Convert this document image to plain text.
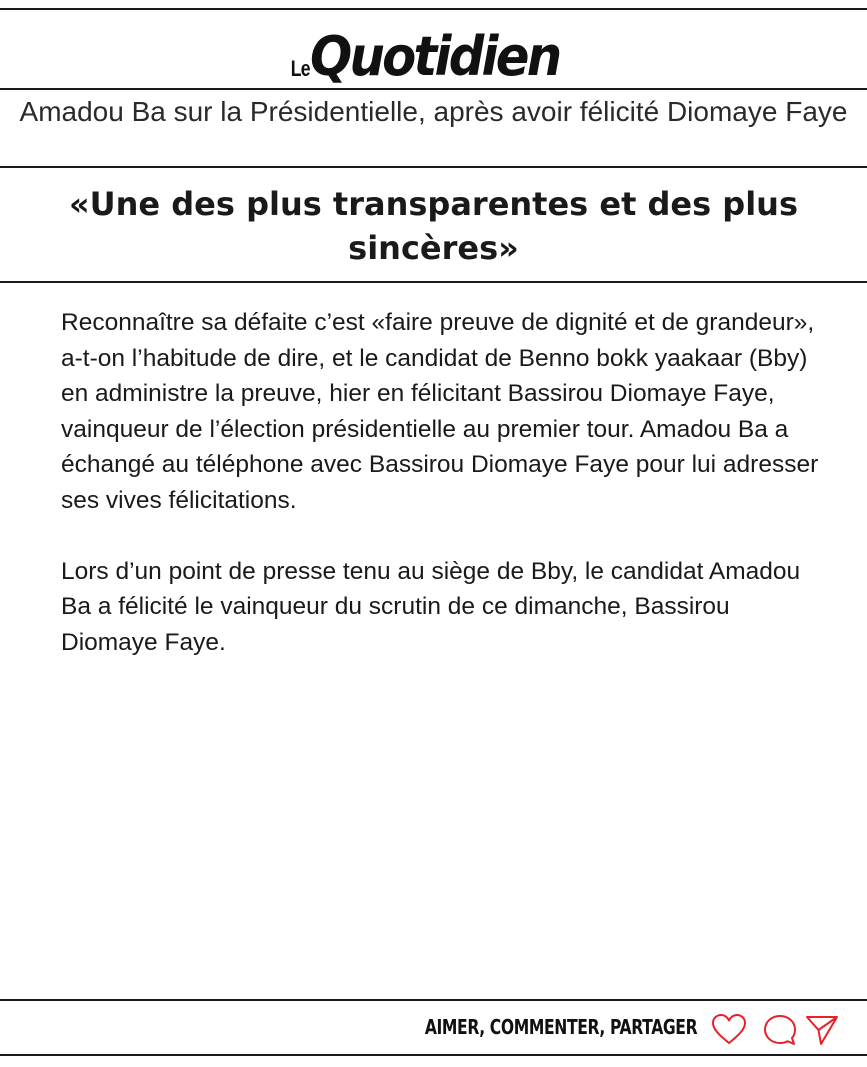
Le Quotidien
Amadou Ba sur la Présidentielle, après avoir félicité Diomaye Faye
«Une des plus transparentes et des plus sincères»

Reconnaître sa défaite c’est «faire preuve de dignité et de grandeur», a-t-on l’habitude de dire, et le candidat de Benno bokk yaakaar (Bby) en administre la preuve, hier en félicitant Bassirou Diomaye Faye, vainqueur de l’élection présidentielle au premier tour. Amadou Ba a échangé au téléphone avec Bassirou Diomaye Faye pour lui adresser ses vives félicitations.

Lors d’un point de presse tenu au siège de Bby, le candidat Amadou Ba a félicité le vainqueur du scrutin de ce dimanche, Bassirou Diomaye Faye.

AIMER, COMMENTER, PARTAGER
